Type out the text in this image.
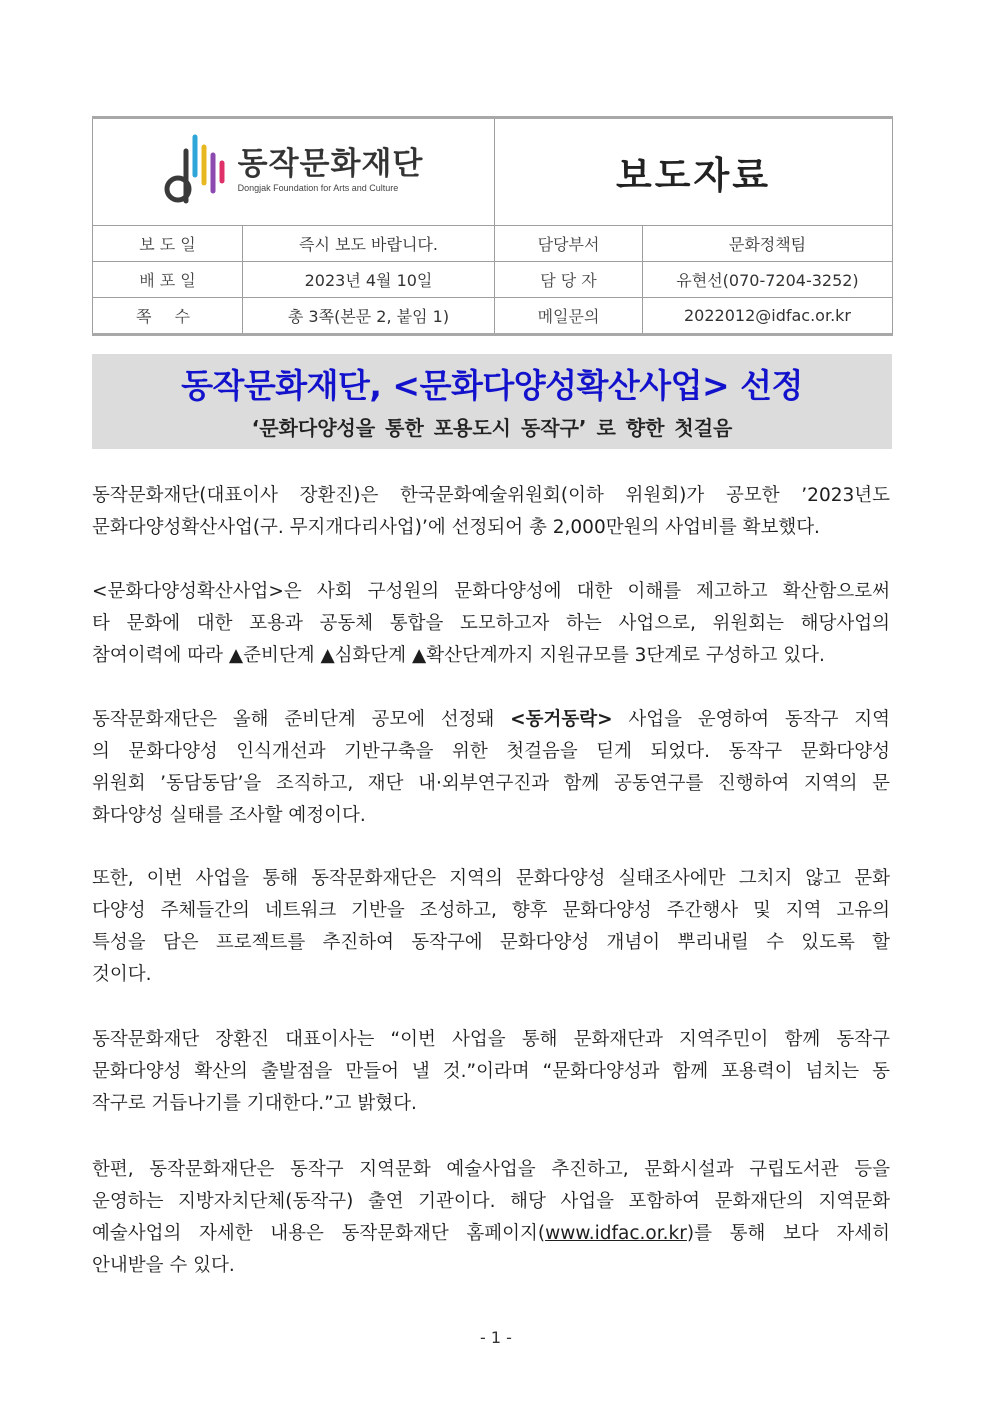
동작문화재단
Dongjak Foundation for Arts and Culture		보도자료	
보 도 일	즉시 보도 바랍니다.	담당부서	문화정책팀
배 포 일	2023년 4월 10일	담 당 자	유현선(070-7204-3252)
쪽 수	총 3쪽(본문 2, 붙임 1)	메일문의	2022012@idfac.or.kr
동작문화재단, <문화다양성확산사업> 선정
‘문화다양성을 통한 포용도시 동작구’ 로 향한 첫걸음
동작문화재단(대표이사 장환진)은 한국문화예술위원회(이하 위원회)가 공모한 ’2023년도
문화다양성확산사업(구. 무지개다리사업)’에 선정되어 총 2,000만원의 사업비를 확보했다.
<문화다양성확산사업>은 사회 구성원의 문화다양성에 대한 이해를 제고하고 확산함으로써
타 문화에 대한 포용과 공동체 통합을 도모하고자 하는 사업으로, 위원회는 해당사업의
참여이력에 따라 ▲준비단계 ▲심화단계 ▲확산단계까지 지원규모를 3단계로 구성하고 있다.
동작문화재단은 올해 준비단계 공모에 선정돼 <동거동락> 사업을 운영하여 동작구 지역
의 문화다양성 인식개선과 기반구축을 위한 첫걸음을 딛게 되었다. 동작구 문화다양성
위원회 ’동담동담’을 조직하고, 재단 내·외부연구진과 함께 공동연구를 진행하여 지역의 문
화다양성 실태를 조사할 예정이다.
또한, 이번 사업을 통해 동작문화재단은 지역의 문화다양성 실태조사에만 그치지 않고 문화
다양성 주체들간의 네트워크 기반을 조성하고, 향후 문화다양성 주간행사 및 지역 고유의
특성을 담은 프로젝트를 추진하여 동작구에 문화다양성 개념이 뿌리내릴 수 있도록 할
것이다.
동작문화재단 장환진 대표이사는 “이번 사업을 통해 문화재단과 지역주민이 함께 동작구
문화다양성 확산의 출발점을 만들어 낼 것.”이라며 “문화다양성과 함께 포용력이 넘치는 동
작구로 거듭나기를 기대한다.”고 밝혔다.
한편, 동작문화재단은 동작구 지역문화 예술사업을 추진하고, 문화시설과 구립도서관 등을
운영하는 지방자치단체(동작구) 출연 기관이다. 해당 사업을 포함하여 문화재단의 지역문화
예술사업의 자세한 내용은 동작문화재단 홈페이지(www.idfac.or.kr)를 통해 보다 자세히
안내받을 수 있다.
- 1 -
